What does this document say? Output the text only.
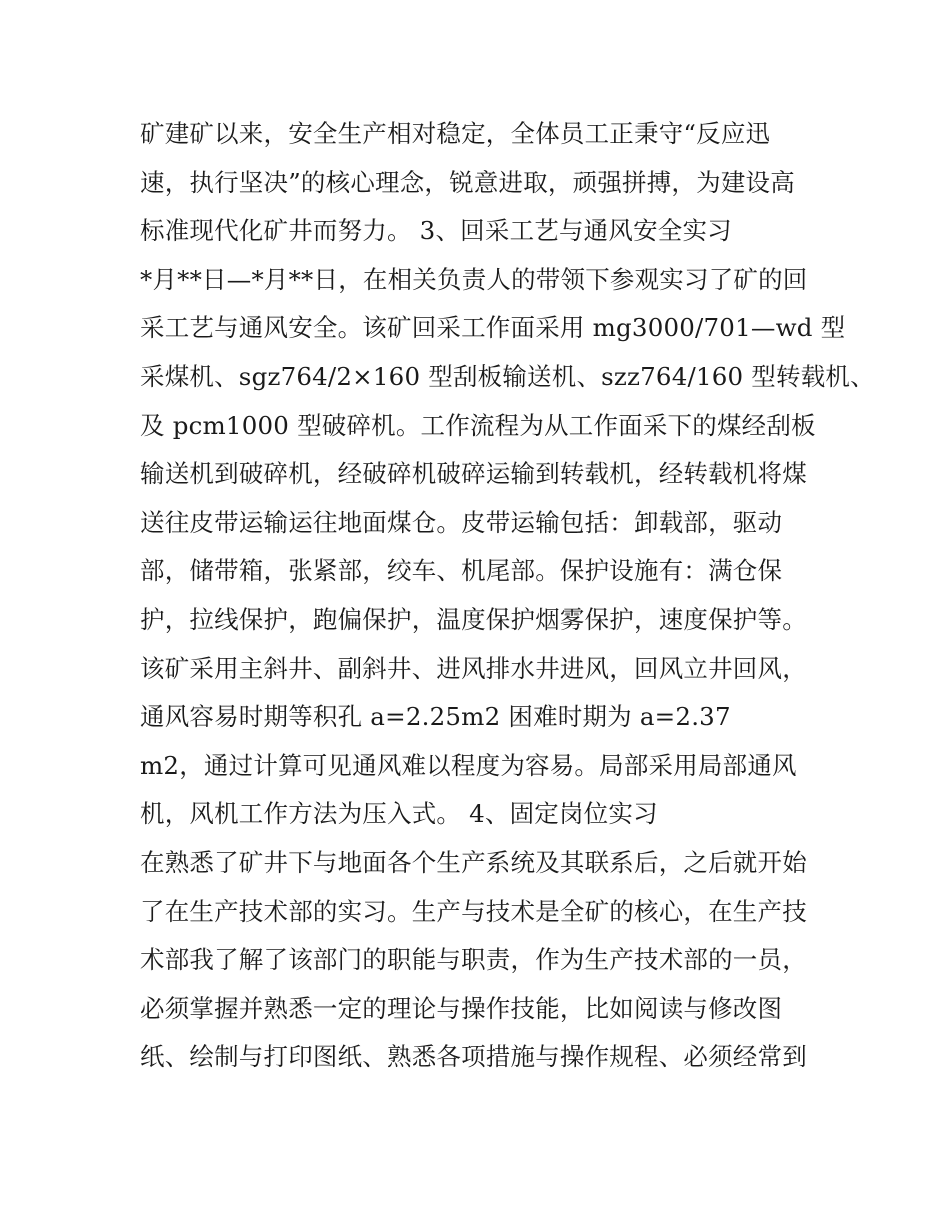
矿建矿以来，安全生产相对稳定，全体员工正秉守“反应迅
速，执行坚决”的核心理念，锐意进取，顽强拼搏，为建设高
标准现代化矿井而努力。 3、回采工艺与通风安全实习
*月**日—*月**日，在相关负责人的带领下参观实习了矿的回
采工艺与通风安全。该矿回采工作面采用 mg3000/701—wd 型
采煤机、sgz764/2×160 型刮板输送机、szz764/160 型转载机、
及 pcm1000 型破碎机。工作流程为从工作面采下的煤经刮板
输送机到破碎机，经破碎机破碎运输到转载机，经转载机将煤
送往皮带运输运往地面煤仓。皮带运输包括：卸载部，驱动
部，储带箱，张紧部，绞车、机尾部。保护设施有：满仓保
护，拉线保护，跑偏保护，温度保护烟雾保护，速度保护等。
该矿采用主斜井、副斜井、进风排水井进风，回风立井回风，
通风容易时期等积孔 a=2.25m2 困难时期为 a=2.37
m2，通过计算可见通风难以程度为容易。局部采用局部通风
机，风机工作方法为压入式。 4、固定岗位实习
在熟悉了矿井下与地面各个生产系统及其联系后，之后就开始
了在生产技术部的实习。生产与技术是全矿的核心，在生产技
术部我了解了该部门的职能与职责，作为生产技术部的一员，
必须掌握并熟悉一定的理论与操作技能，比如阅读与修改图
纸、绘制与打印图纸、熟悉各项措施与操作规程、必须经常到
